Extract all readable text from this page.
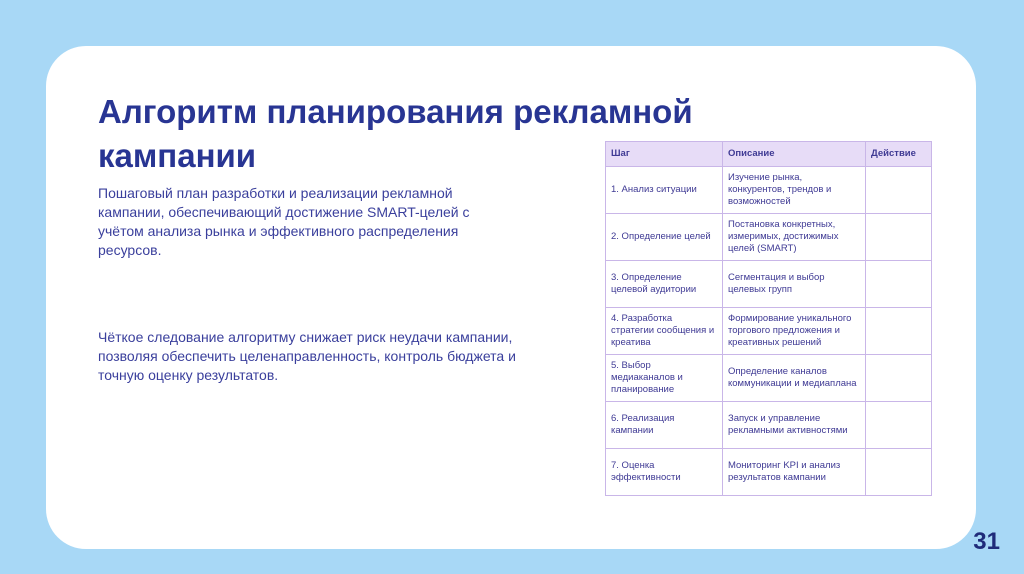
Алгоритм планирования рекламной кампании

Пошаговый план разработки и реализации рекламной кампании, обеспечивающий достижение SMART-целей с учётом анализа рынка и эффективного распределения ресурсов.

Чёткое следование алгоритму снижает риск неудачи кампании, позволяя обеспечить целенаправленность, контроль бюджета и точную оценку результатов.

Шаг	Описание	Действие
1. Анализ ситуации	Изучение рынка, конкурентов, трендов и возможностей	
2. Определение целей	Постановка конкретных, измеримых, достижимых целей (SMART)	
3. Определение целевой аудитории	Сегментация и выбор целевых групп	
4. Разработка стратегии сообщения и креатива	Формирование уникального торгового предложения и креативных решений	
5. Выбор медиаканалов и планирование	Определение каналов коммуникации и медиаплана	
6. Реализация кампании	Запуск и управление рекламными активностями	
7. Оценка эффективности	Мониторинг KPI и анализ результатов кампании	
31
